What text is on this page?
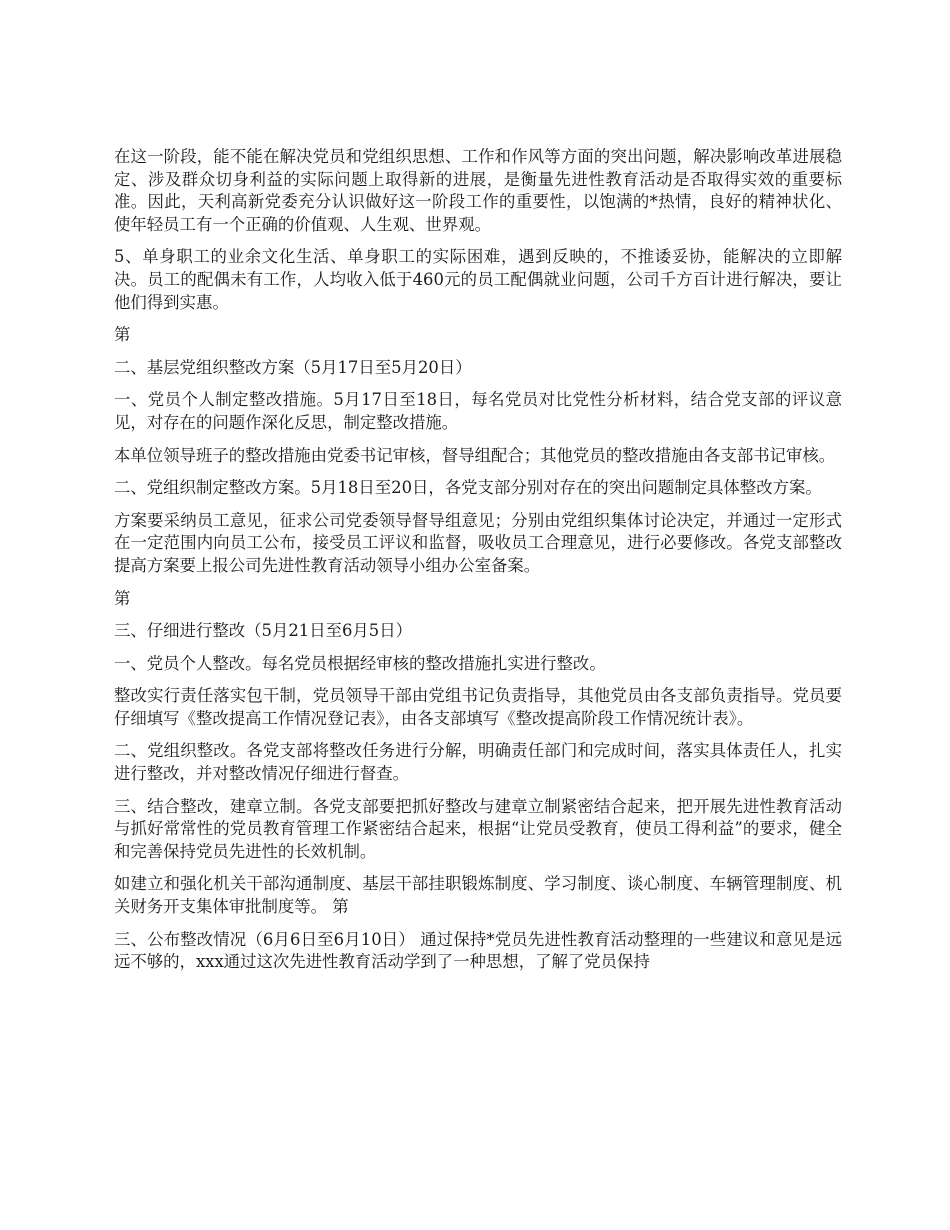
在这一阶段，能不能在解决党员和党组织思想、工作和作风等方面的突出问题，解决影响改革进展稳定、涉及群众切身利益的实际问题上取得新的进展，是衡量先进性教育活动是否取得实效的重要标准。因此，天利高新党委充分认识做好这一阶段工作的重要性，以饱满的*热情，良好的精神状化、使年轻员工有一个正确的价值观、人生观、世界观。

5、单身职工的业余文化生活、单身职工的实际困难，遇到反映的，不推诿妥协，能解决的立即解决。员工的配偶未有工作，人均收入低于460元的员工配偶就业问题，公司千方百计进行解决，要让他们得到实惠。

第

二、基层党组织整改方案（5月17日至5月20日）

一、党员个人制定整改措施。5月17日至18日，每名党员对比党性分析材料，结合党支部的评议意见，对存在的问题作深化反思，制定整改措施。

本单位领导班子的整改措施由党委书记审核，督导组配合；其他党员的整改措施由各支部书记审核。

二、党组织制定整改方案。5月18日至20日，各党支部分别对存在的突出问题制定具体整改方案。

方案要采纳员工意见，征求公司党委领导督导组意见；分别由党组织集体讨论决定，并通过一定形式在一定范围内向员工公布，接受员工评议和监督，吸收员工合理意见，进行必要修改。各党支部整改提高方案要上报公司先进性教育活动领导小组办公室备案。

第

三、仔细进行整改（5月21日至6月5日）

一、党员个人整改。每名党员根据经审核的整改措施扎实进行整改。

整改实行责任落实包干制，党员领导干部由党组书记负责指导，其他党员由各支部负责指导。党员要仔细填写《整改提高工作情况登记表》，由各支部填写《整改提高阶段工作情况统计表》。

二、党组织整改。各党支部将整改任务进行分解，明确责任部门和完成时间，落实具体责任人，扎实进行整改，并对整改情况仔细进行督查。

三、结合整改，建章立制。各党支部要把抓好整改与建章立制紧密结合起来，把开展先进性教育活动与抓好常常性的党员教育管理工作紧密结合起来，根据“让党员受教育，使员工得利益”的要求，健全和完善保持党员先进性的长效机制。

如建立和强化机关干部沟通制度、基层干部挂职锻炼制度、学习制度、谈心制度、车辆管理制度、机关财务开支集体审批制度等。 第

三、公布整改情况（6月6日至6月10日） 通过保持*党员先进性教育活动整理的一些建议和意见是远远不够的，xxx通过这次先进性教育活动学到了一种思想，了解了党员保持
